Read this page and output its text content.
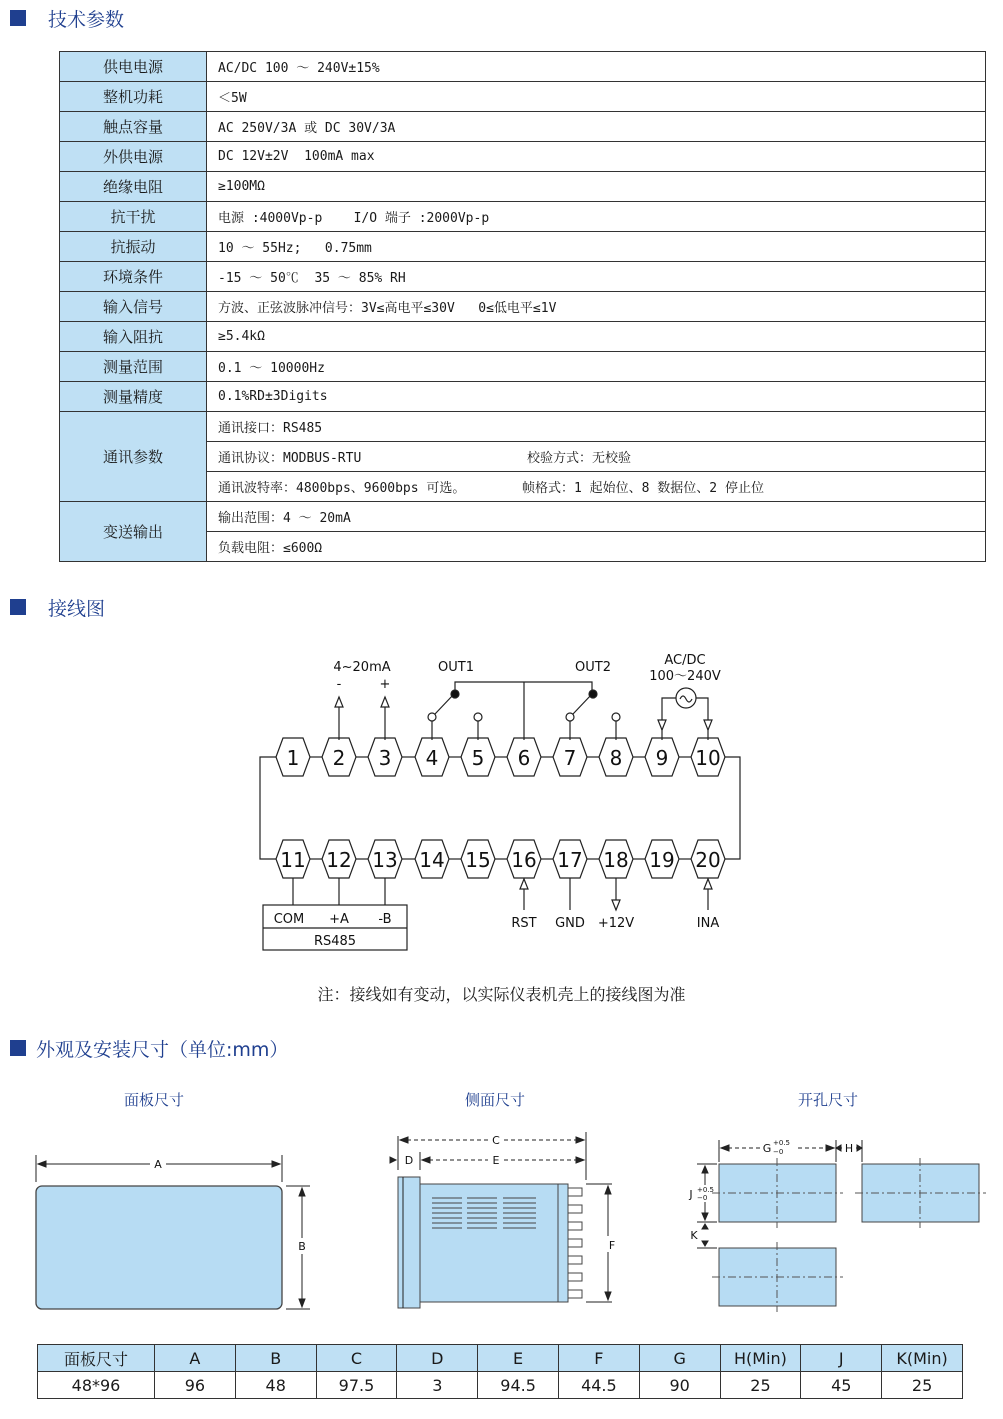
技术参数
供电电源	AC/DC 100 ～ 240V±15%
整机功耗	＜5W
触点容量	AC 250V/3A 或 DC 30V/3A
外供电源	DC 12V±2V  100mA max
绝缘电阻	≥100MΩ
抗干扰	电源 :4000Vp-p    I/O 端子 :2000Vp-p
抗振动	10 ～ 55Hz;   0.75mm
环境条件	-15 ～ 50℃  35 ～ 85% RH
输入信号	方波、正弦波脉冲信号：3V≤高电平≤30V   0≤低电平≤1V
输入阻抗	≥5.4kΩ
测量范围	0.1 ～ 10000Hz
测量精度	0.1%RD±3Digits
通讯参数	通讯接口：RS485

	通讯协议：MODBUS-RTU 校验方式：无校验

	通讯波特率：4800bps、9600bps 可选。 帧格式：1 起始位、8 数据位、2 停止位

变送输出	输出范围：4 ～ 20mA
	负载电阻：≤600Ω
接线图
1 2 3 4 5 6 7 8 9 10
11 12 13 14 15 16 17 18 19 20
4~20mA
-	+
OUT1	OUT2	AC/DC
100～240V
COM +A -B
RS485
RST GND +12V	INA
注：接线如有变动，以实际仪表机壳上的接线图为准
外观及安装尺寸（单位:mm）
面板尺寸	侧面尺寸	开孔尺寸
A
B
C
D	E
F
G	H
J
K
+0.5
−0
+0.5
−0
面板尺寸	A	B	C	D	E	F	G	H(Min)	J	K(Min)
48*96	96	48	97.5	3	94.5	44.5	90	25	45	25
